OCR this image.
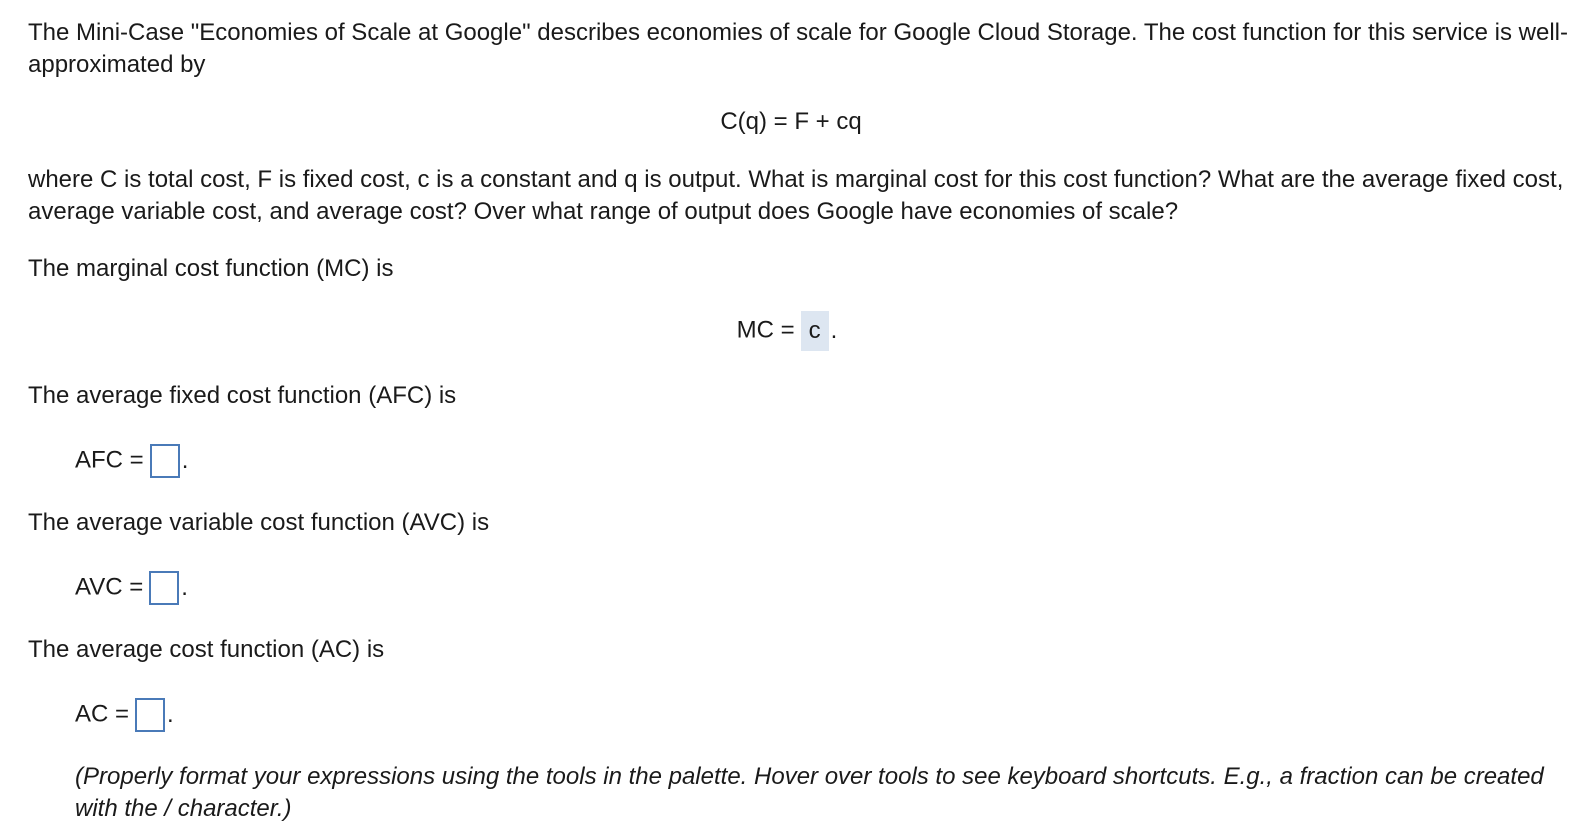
The Mini-Case "Economies of Scale at Google" describes economies of scale for Google Cloud Storage. The cost function for this service is well-approximated by
C(q) = F + cq
where C is total cost, F is fixed cost, c is a constant and q is output. What is marginal cost for this cost function? What are the average fixed cost, average variable cost, and average cost? Over what range of output does Google have economies of scale?
The marginal cost function (MC) is
MC = c .
The average fixed cost function (AFC) is
AFC = .
The average variable cost function (AVC) is
AVC = .
The average cost function (AC) is
AC = .
(Properly format your expressions using the tools in the palette. Hover over tools to see keyboard shortcuts. E.g., a fraction can be created with the / character.)
